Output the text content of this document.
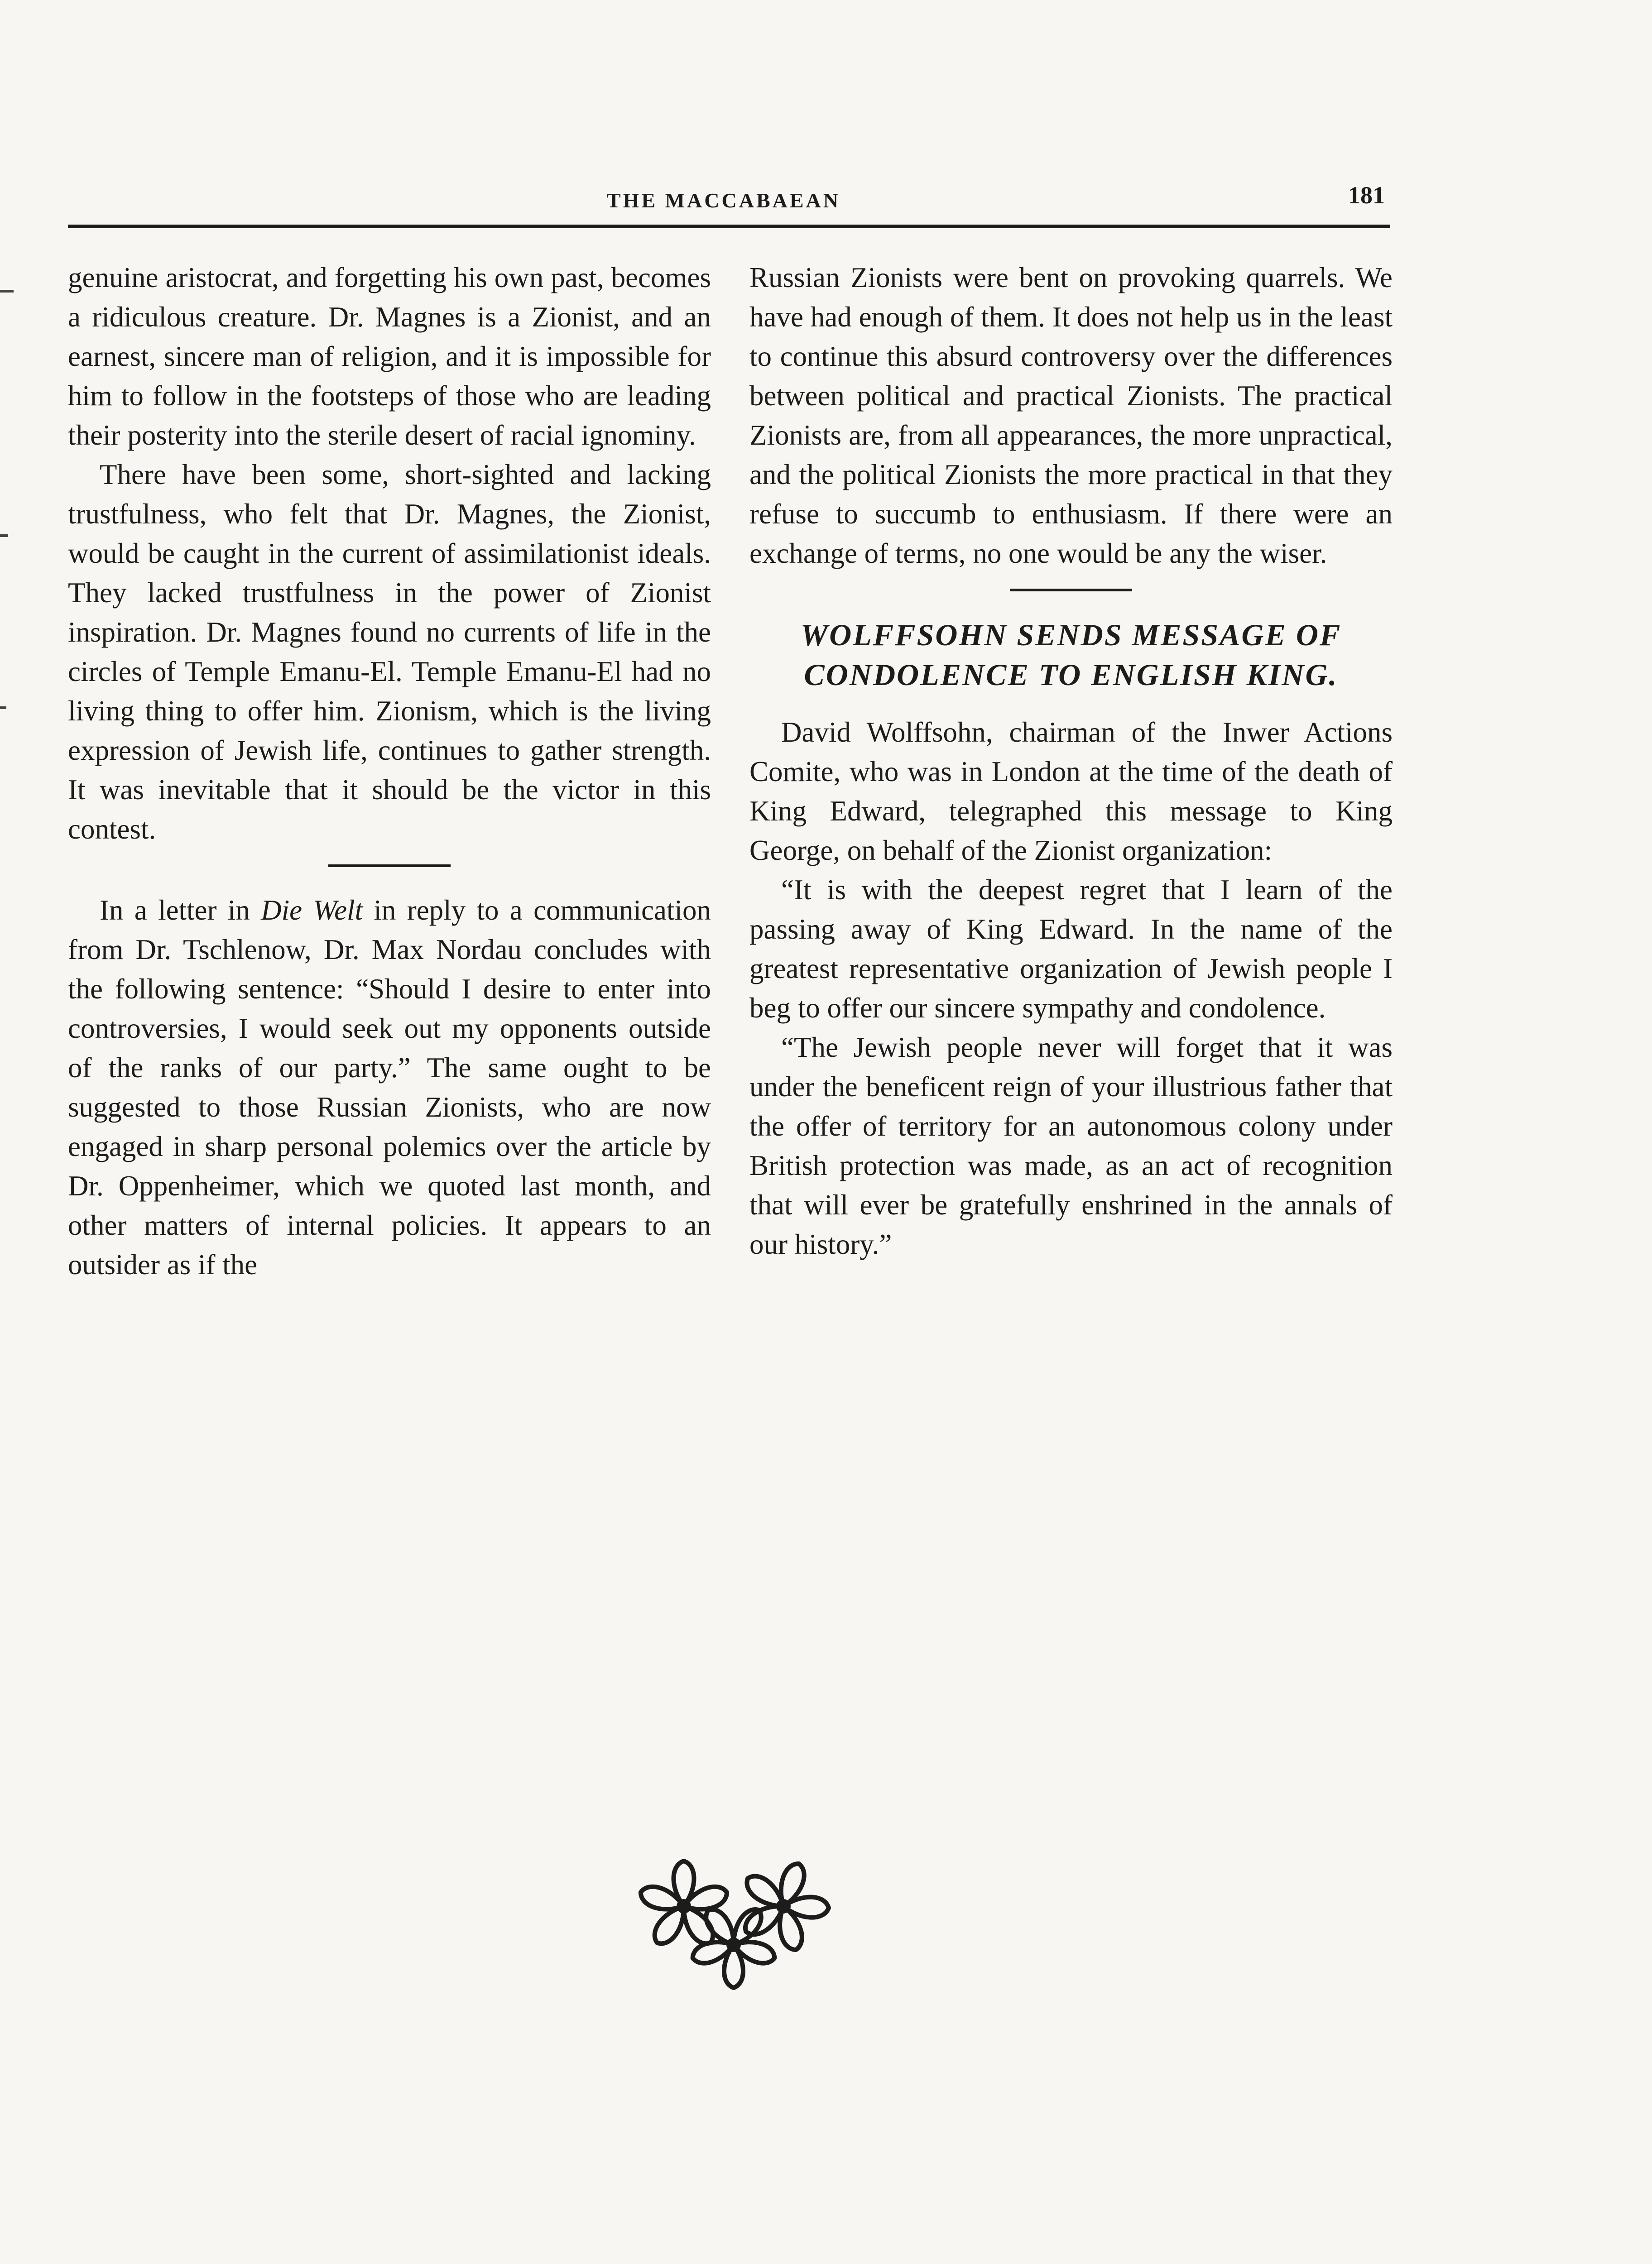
THE MACCABAEAN	181

genuine aristocrat, and forgetting his own past, becomes a ridiculous creature. Dr. Magnes is a Zionist, and an earnest, sincere man of religion, and it is impossible for him to follow in the footsteps of those who are leading their posterity into the sterile desert of racial ignominy.

There have been some, short-sighted and lacking trustfulness, who felt that Dr. Magnes, the Zionist, would be caught in the current of assimilationist ideals. They lacked trustfulness in the power of Zionist inspiration. Dr. Magnes found no currents of life in the circles of Temple Emanu-El. Temple Emanu-El had no living thing to offer him. Zionism, which is the living expression of Jewish life, continues to gather strength. It was inevitable that it should be the victor in this contest.

In a letter in Die Welt in reply to a communication from Dr. Tschlenow, Dr. Max Nordau concludes with the following sentence: “Should I desire to enter into controversies, I would seek out my opponents outside of the ranks of our party.” The same ought to be suggested to those Russian Zionists, who are now engaged in sharp personal polemics over the article by Dr. Oppenheimer, which we quoted last month, and other matters of internal policies. It appears to an outsider as if the

Russian Zionists were bent on provoking quarrels. We have had enough of them. It does not help us in the least to continue this absurd controversy over the differences between political and practical Zionists. The practical Zionists are, from all appearances, the more unpractical, and the political Zionists the more practical in that they refuse to succumb to enthusiasm. If there were an exchange of terms, no one would be any the wiser.

WOLFFSOHN SENDS MESSAGE OF
CONDOLENCE TO ENGLISH KING.

David Wolffsohn, chairman of the Inwer Actions Comite, who was in London at the time of the death of King Edward, telegraphed this message to King George, on behalf of the Zionist organization:

“It is with the deepest regret that I learn of the passing away of King Edward. In the name of the greatest representative organization of Jewish people I beg to offer our sincere sympathy and condolence.

“The Jewish people never will forget that it was under the beneficent reign of your illustrious father that the offer of territory for an autonomous colony under British protection was made, as an act of recognition that will ever be gratefully enshrined in the annals of our history.”
